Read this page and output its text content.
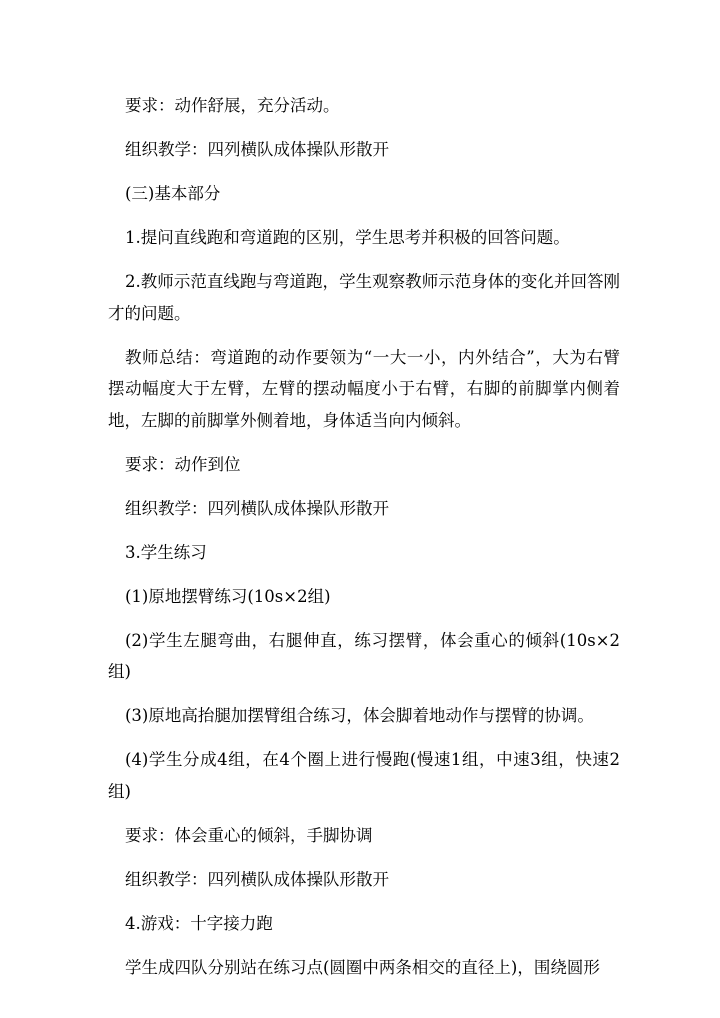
要求：动作舒展，充分活动。

组织教学：四列横队成体操队形散开

(三)基本部分

1.提问直线跑和弯道跑的区别，学生思考并积极的回答问题。

2.教师示范直线跑与弯道跑，学生观察教师示范身体的变化并回答刚才的问题。

教师总结：弯道跑的动作要领为“一大一小，内外结合”，大为右臂摆动幅度大于左臂，左臂的摆动幅度小于右臂，右脚的前脚掌内侧着地，左脚的前脚掌外侧着地，身体适当向内倾斜。

要求：动作到位

组织教学：四列横队成体操队形散开

3.学生练习

(1)原地摆臂练习(10s×2组)

(2)学生左腿弯曲，右腿伸直，练习摆臂，体会重心的倾斜(10s×2组)

(3)原地高抬腿加摆臂组合练习，体会脚着地动作与摆臂的协调。

(4)学生分成4组，在4个圈上进行慢跑(慢速1组，中速3组，快速2组)

要求：体会重心的倾斜，手脚协调

组织教学：四列横队成体操队形散开

4.游戏：十字接力跑

学生成四队分别站在练习点(圆圈中两条相交的直径上)，围绕圆形
